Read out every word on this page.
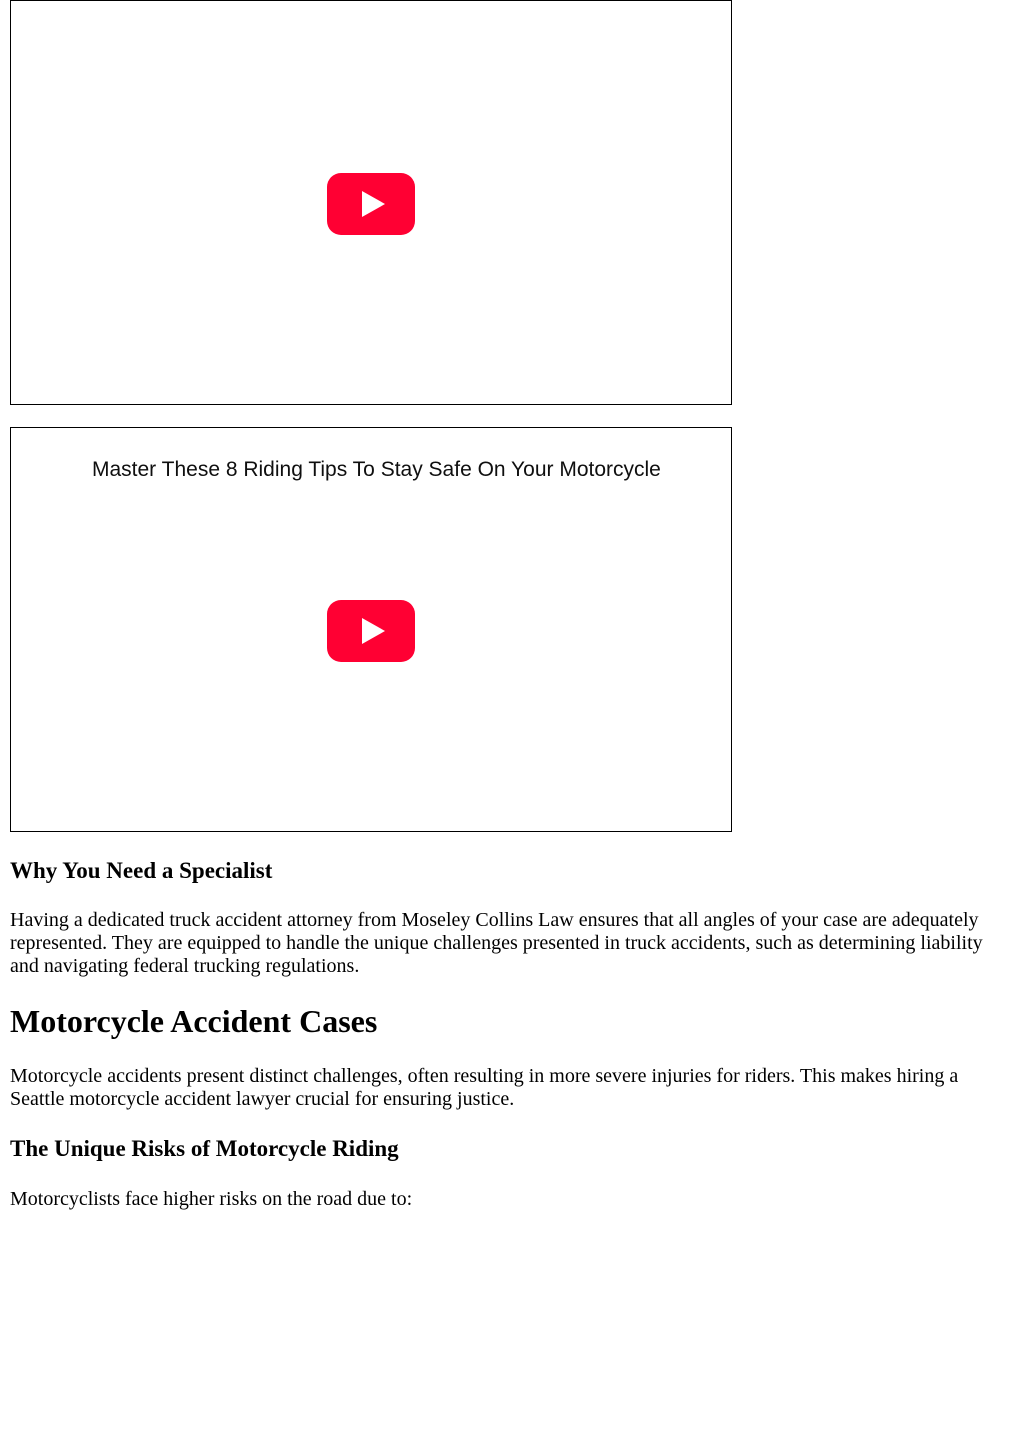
Master These 8 Riding Tips To Stay Safe On Your Motorcycle
Why You Need a Specialist

Having a dedicated truck accident attorney from Moseley Collins Law ensures that all angles of your case are adequately represented. They are equipped to handle the unique challenges presented in truck accidents, such as determining liability and navigating federal trucking regulations.

Motorcycle Accident Cases

Motorcycle accidents present distinct challenges, often resulting in more severe injuries for riders. This makes hiring a Seattle motorcycle accident lawyer crucial for ensuring justice.

The Unique Risks of Motorcycle Riding

Motorcyclists face higher risks on the road due to:
